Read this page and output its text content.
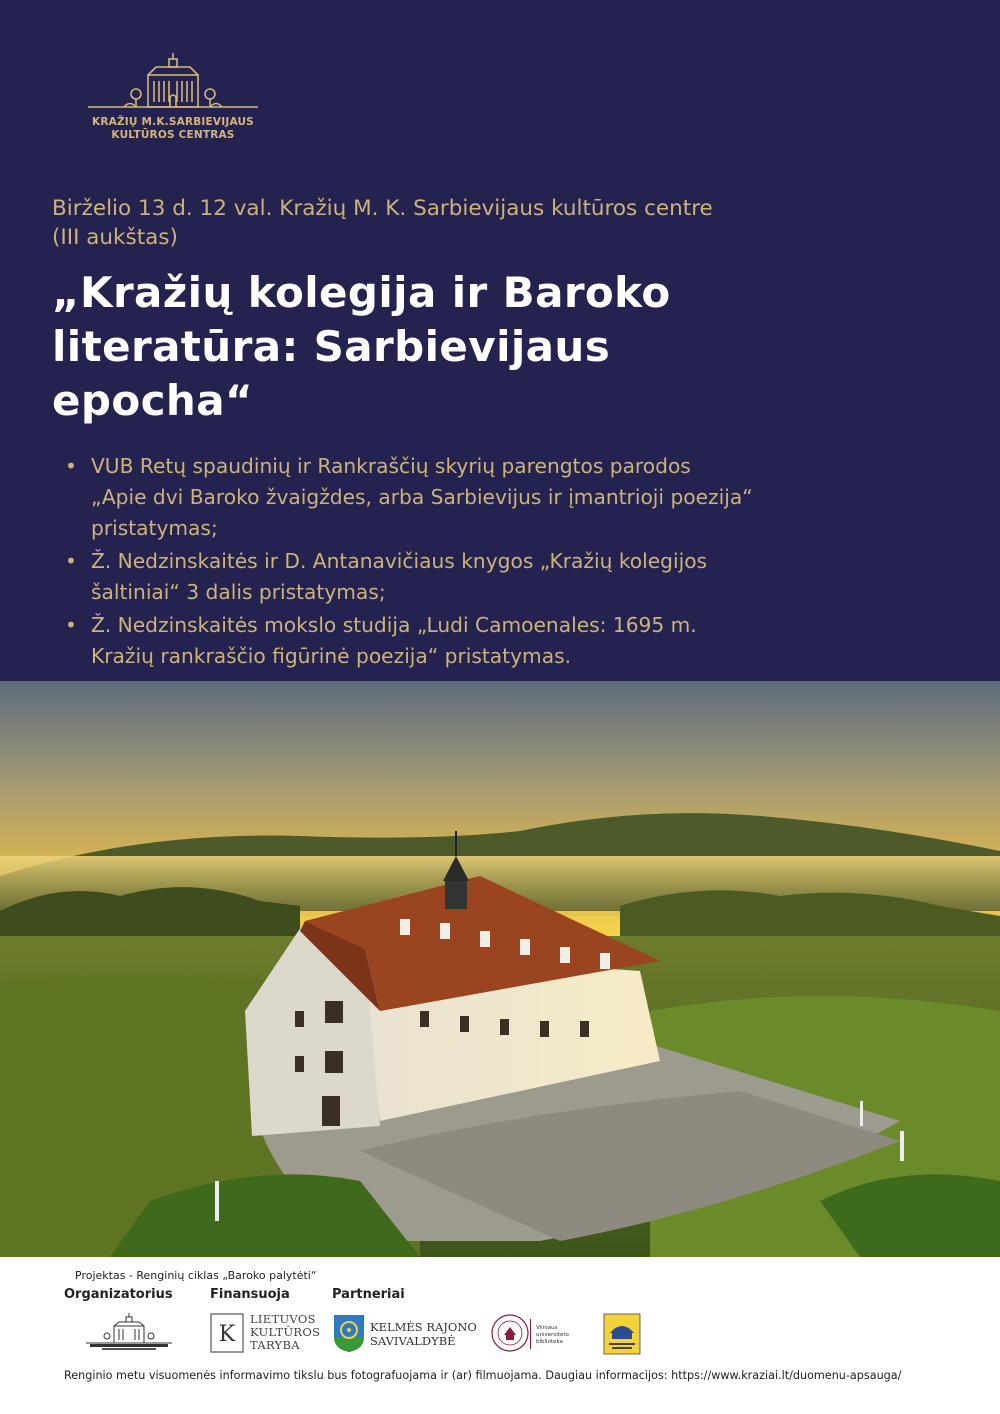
KRAŽIŲ M.K.SARBIEVIJAUS
KULTŪROS CENTRAS
Birželio 13 d. 12 val. Kražių M. K. Sarbievijaus kultūros centre
(III aukštas)
„Kražių kolegija ir Baroko
literatūra: Sarbievijaus
epocha“
• VUB Retų spaudinių ir Rankraščių skyrių parengtos parodos
„Apie dvi Baroko žvaigždes, arba Sarbievijus ir įmantrioji poezija“
pristatymas;
• Ž. Nedzinskaitės ir D. Antanavičiaus knygos „Kražių kolegijos
šaltiniai“ 3 dalis pristatymas;
• Ž. Nedzinskaitės mokslo studija „Ludi Camoenales: 1695 m.
Kražių rankraščio figūrinė poezija“ pristatymas.
Projektas - Renginių ciklas „Baroko palytėti“
Organizatorius	Finansuoja	Partneriai
K
LIETUVOS
KULTŪROS
TARYBA
KELMĖS RAJONO
SAVIVALDYBĖ
Vilniaus
universiteto
biblioteka
Renginio metu visuomenės informavimo tikslu bus fotografuojama ir (ar) filmuojama. Daugiau informacijos: https://www.kraziai.lt/duomenu-apsauga/
